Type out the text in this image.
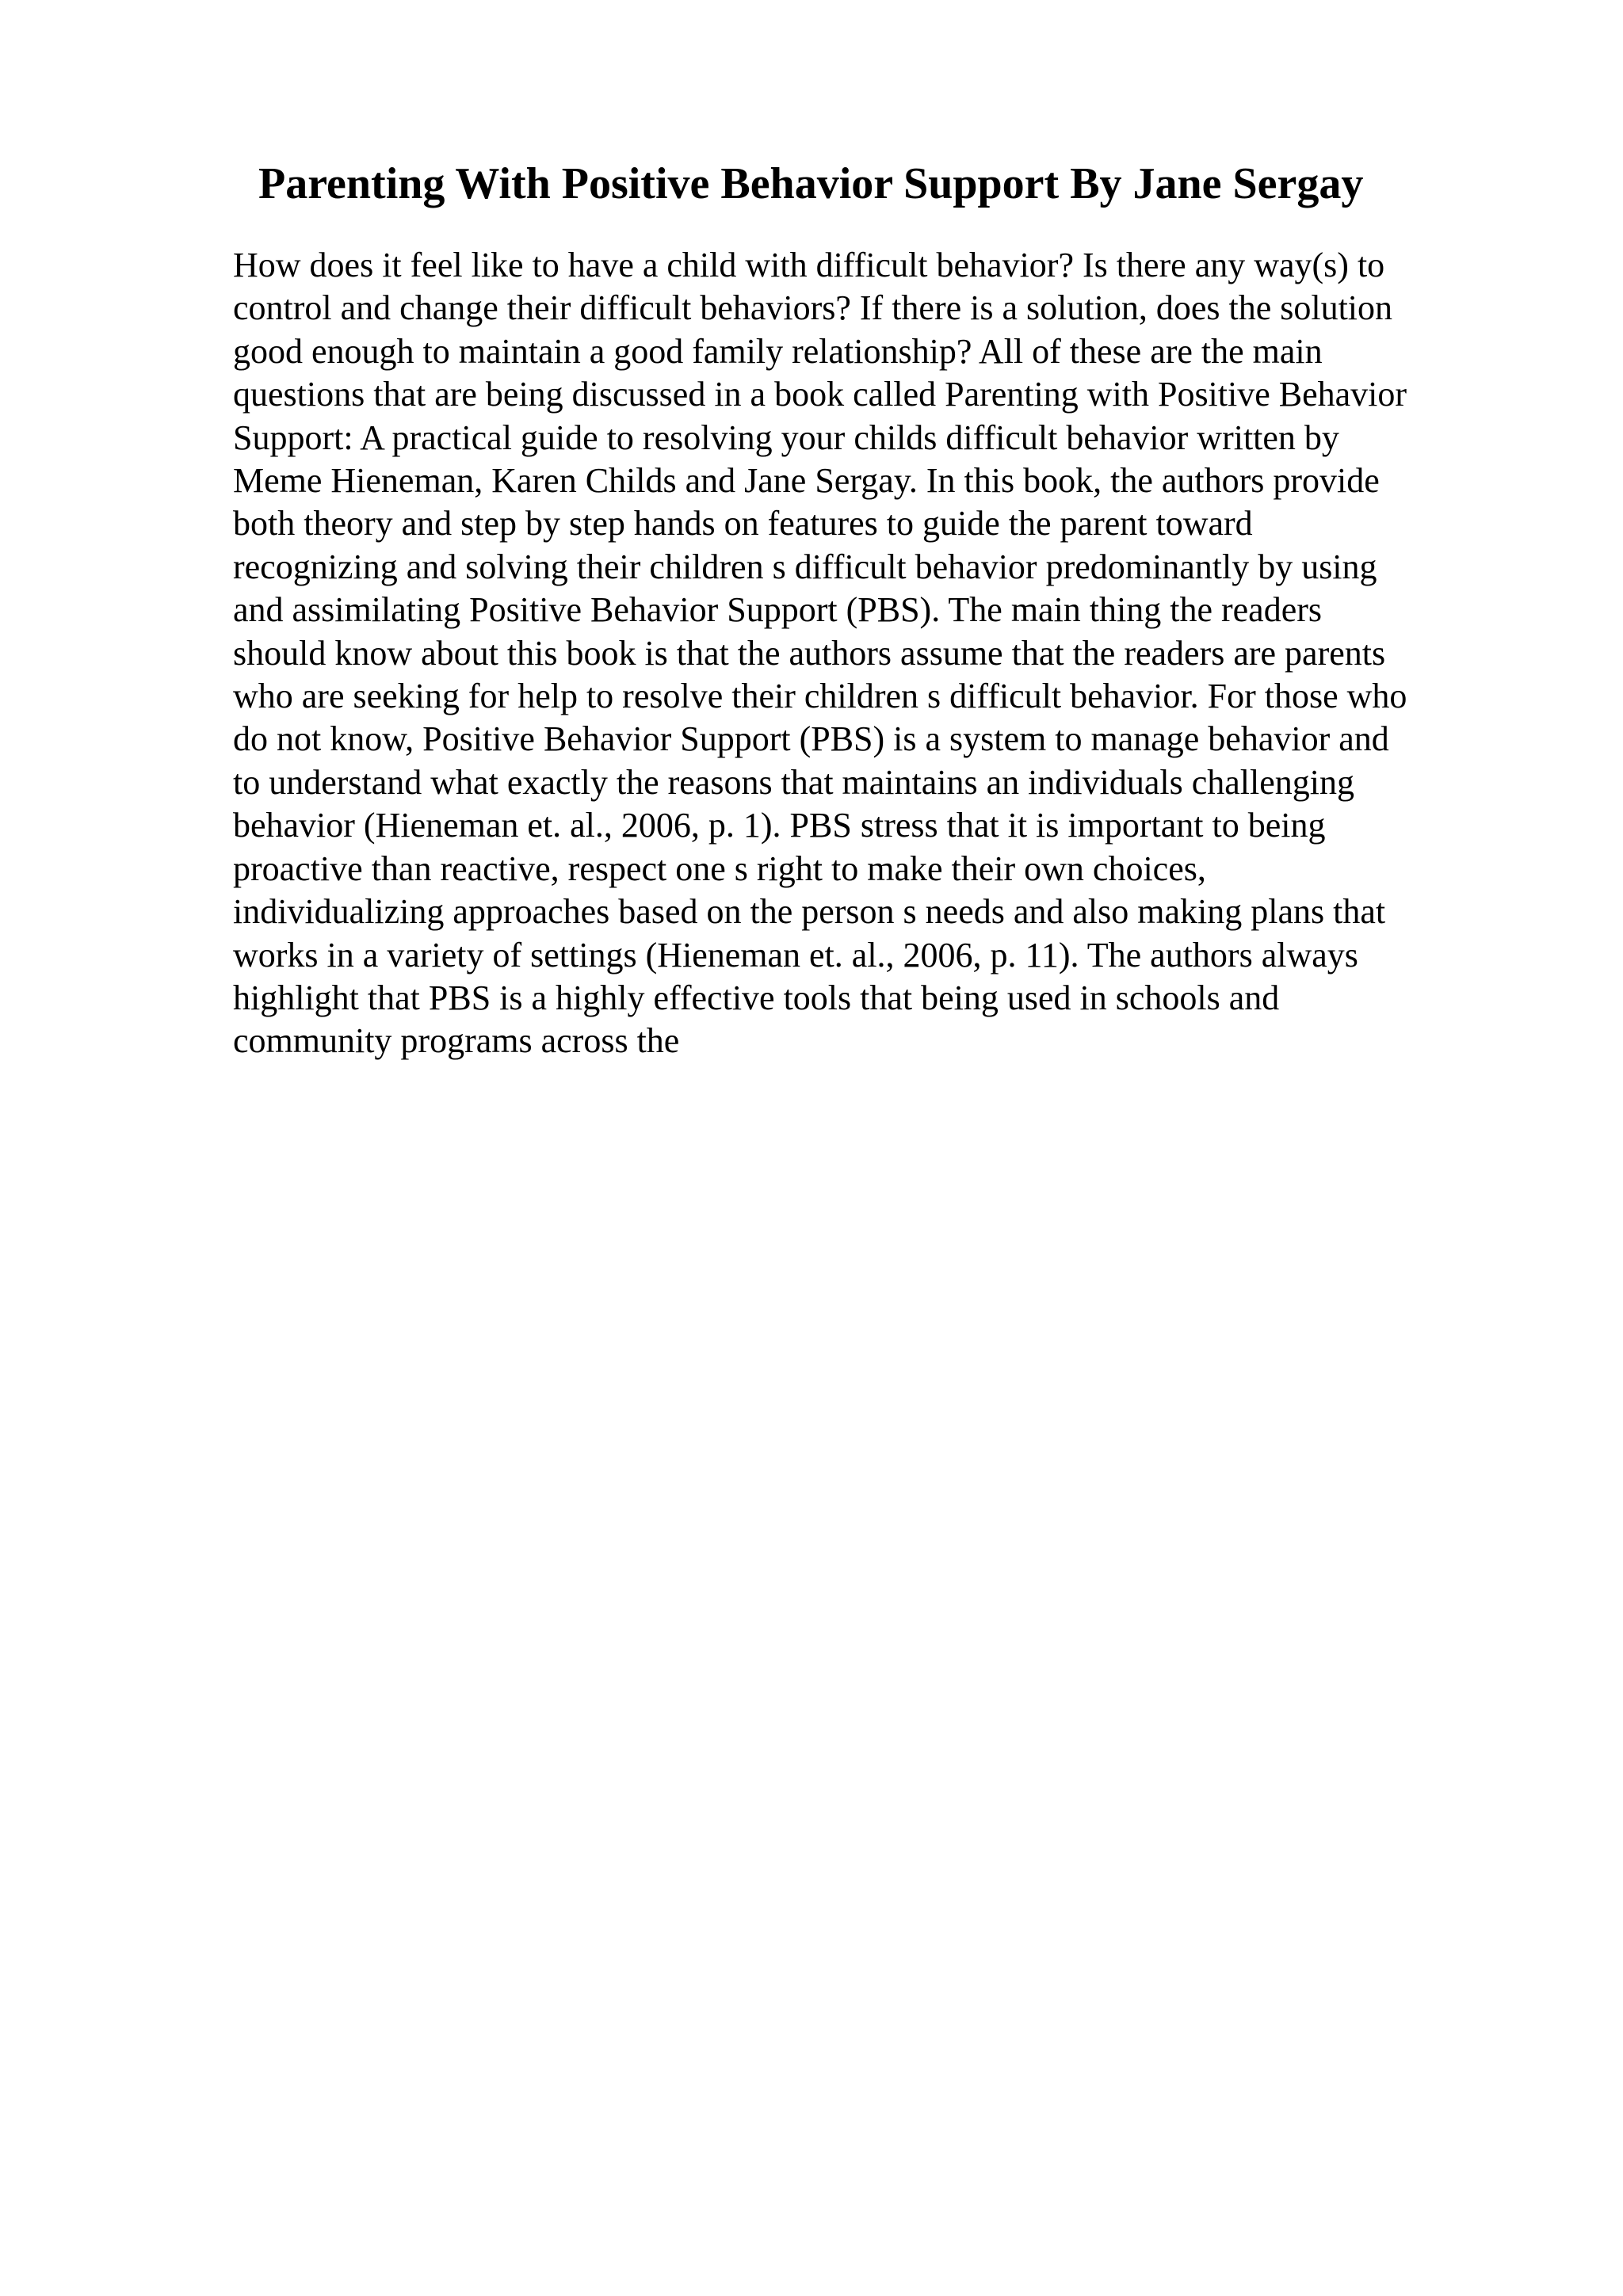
Parenting With Positive Behavior Support By Jane Sergay
How does it feel like to have a child with difficult behavior? Is there any way(s) to
control and change their difficult behaviors? If there is a solution, does the solution
good enough to maintain a good family relationship? All of these are the main
questions that are being discussed in a book called Parenting with Positive Behavior
Support: A practical guide to resolving your childs difficult behavior written by
Meme Hieneman, Karen Childs and Jane Sergay. In this book, the authors provide
both theory and step by step hands on features to guide the parent toward
recognizing and solving their children s difficult behavior predominantly by using
and assimilating Positive Behavior Support (PBS). The main thing the readers
should know about this book is that the authors assume that the readers are parents
who are seeking for help to resolve their children s difficult behavior. For those who
do not know, Positive Behavior Support (PBS) is a system to manage behavior and
to understand what exactly the reasons that maintains an individuals challenging
behavior (Hieneman et. al., 2006, p. 1). PBS stress that it is important to being
proactive than reactive, respect one s right to make their own choices,
individualizing approaches based on the person s needs and also making plans that
works in a variety of settings (Hieneman et. al., 2006, p. 11). The authors always
highlight that PBS is a highly effective tools that being used in schools and
community programs across the
